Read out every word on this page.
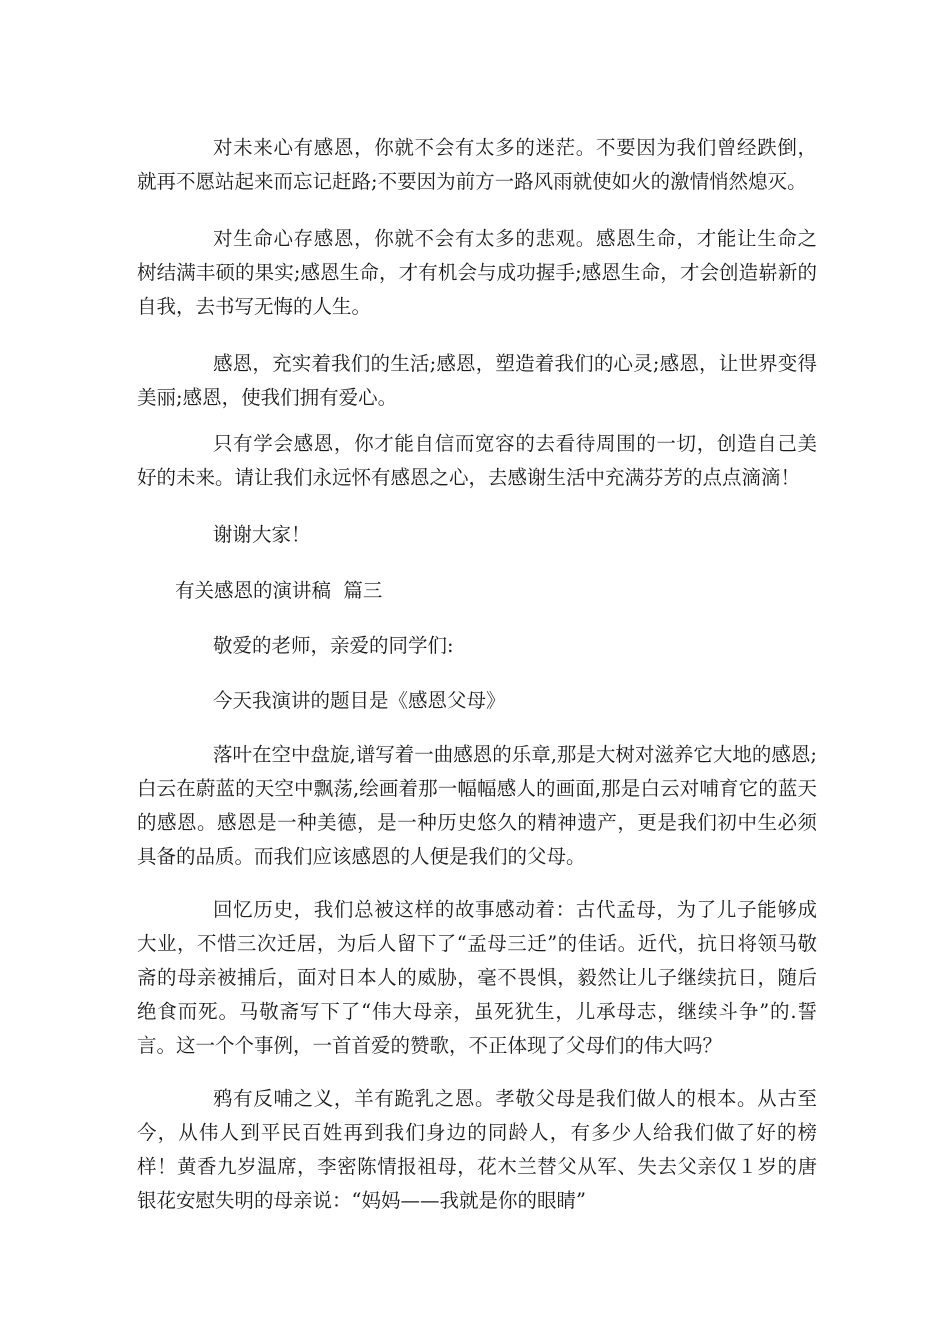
对未来心有感恩，你就不会有太多的迷茫。不要因为我们曾经跌倒，就再不愿站起来而忘记赶路;不要因为前方一路风雨就使如火的激情悄然熄灭。

对生命心存感恩，你就不会有太多的悲观。感恩生命，才能让生命之树结满丰硕的果实;感恩生命，才有机会与成功握手;感恩生命，才会创造崭新的自我，去书写无悔的人生。

感恩，充实着我们的生活;感恩，塑造着我们的心灵;感恩，让世界变得美丽;感恩，使我们拥有爱心。

只有学会感恩，你才能自信而宽容的去看待周围的一切，创造自己美好的未来。请让我们永远怀有感恩之心，去感谢生活中充满芬芳的点点滴滴！

谢谢大家！

有关感恩的演讲稿  篇三

敬爱的老师，亲爱的同学们:

今天我演讲的题目是《感恩父母》

落叶在空中盘旋,谱写着一曲感恩的乐章,那是大树对滋养它大地的感恩;白云在蔚蓝的天空中飘荡,绘画着那一幅幅感人的画面,那是白云对哺育它的蓝天的感恩。感恩是一种美德，是一种历史悠久的精神遗产，更是我们初中生必须具备的品质。而我们应该感恩的人便是我们的父母。

回忆历史，我们总被这样的故事感动着：古代孟母，为了儿子能够成大业，不惜三次迁居，为后人留下了“孟母三迁”的佳话。近代，抗日将领马敬斋的母亲被捕后，面对日本人的威胁，毫不畏惧，毅然让儿子继续抗日，随后绝食而死。马敬斋写下了“伟大母亲，虽死犹生，儿承母志，继续斗争”的.誓言。这一个个事例，一首首爱的赞歌，不正体现了父母们的伟大吗？

鸦有反哺之义，羊有跪乳之恩。孝敬父母是我们做人的根本。从古至今，从伟人到平民百姓再到我们身边的同龄人，有多少人给我们做了好的榜样！黄香九岁温席，李密陈情报祖母，花木兰替父从军、失去父亲仅１岁的唐银花安慰失明的母亲说：“妈妈——我就是你的眼睛”
